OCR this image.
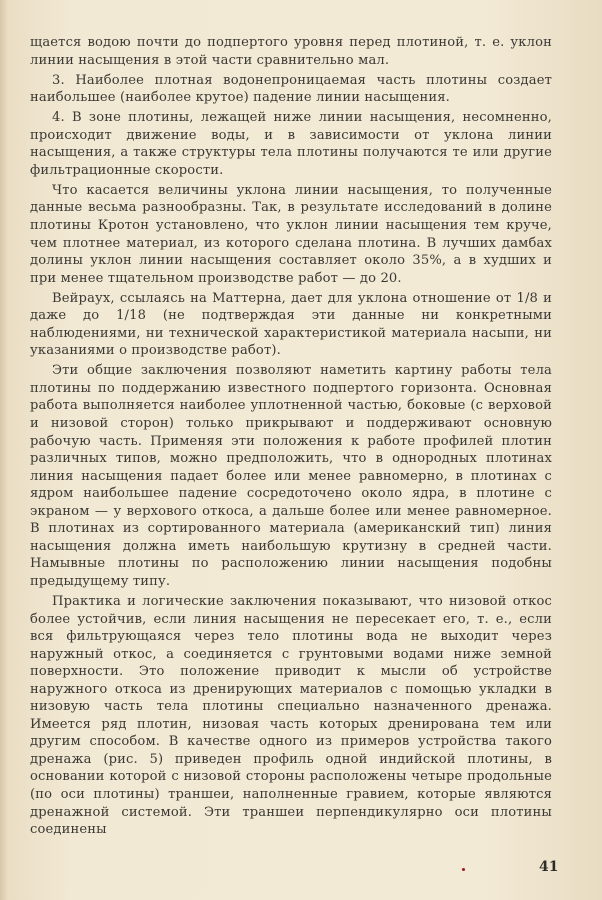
щается водою почти до подпертого уровня перед плотиной, т. е. уклон линии насыщения в этой части сравнительно мал.

3. Наиболее плотная водонепроницаемая часть плотины создает наибольшее (наиболее крутое) падение линии насыщения.

4. В зоне плотины, лежащей ниже линии насыщения, несомненно, происходит движение воды, и в зависимости от уклона линии насыщения, а также структуры тела плотины получаются те или другие фильтрационные скорости.

Что касается величины уклона линии насыщения, то полученные данные весьма разнообразны. Так, в результате исследований в долине плотины Кротон установлено, что уклон линии насыщения тем круче, чем плотнее материал, из которого сделана плотина. В лучших дамбах долины уклон линии насыщения составляет около 35%, а в худших и при менее тщательном производстве работ — до 20.

Вейраух, ссылаясь на Маттерна, дает для уклона отношение от 1/8 и даже до 1/18 (не подтверждая эти данные ни конкретными наблюдениями, ни технической характеристикой материала насыпи, ни указаниями о производстве работ).

Эти общие заключения позволяют наметить картину работы тела плотины по поддержанию известного подпертого горизонта. Основная работа выполняется наиболее уплотненной частью, боковые (с верховой и низовой сторон) только прикрывают и поддерживают основную рабочую часть. Применяя эти положения к работе профилей плотин различных типов, можно предположить, что в однородных плотинах линия насыщения падает более или менее равномерно, в плотинах с ядром наибольшее падение сосредоточено около ядра, в плотине с экраном — у верхового откоса, а дальше более или менее равномерное. В плотинах из сортированного материала (американский тип) линия насыщения должна иметь наибольшую крутизну в средней части. Намывные плотины по расположению линии насыщения подобны предыдущему типу.

Практика и логические заключения показывают, что низовой откос более устойчив, если линия насыщения не пересекает его, т. е., если вся фильтрующаяся через тело плотины вода не выходит через наружный откос, а соединяется с грунтовыми водами ниже земной поверхности. Это положение приводит к мысли об устройстве наружного откоса из дренирующих материалов с помощью укладки в низовую часть тела плотины специально назначенного дренажа. Имеется ряд плотин, низовая часть которых дренирована тем или другим способом. В качестве одного из примеров устройства такого дренажа (рис. 5) приведен профиль одной индийской плотины, в основании которой с низовой стороны расположены четыре продольные (по оси плотины) траншеи, наполненные гравием, которые являются дренажной системой. Эти траншеи перпендикулярно оси плотины соединены

41
